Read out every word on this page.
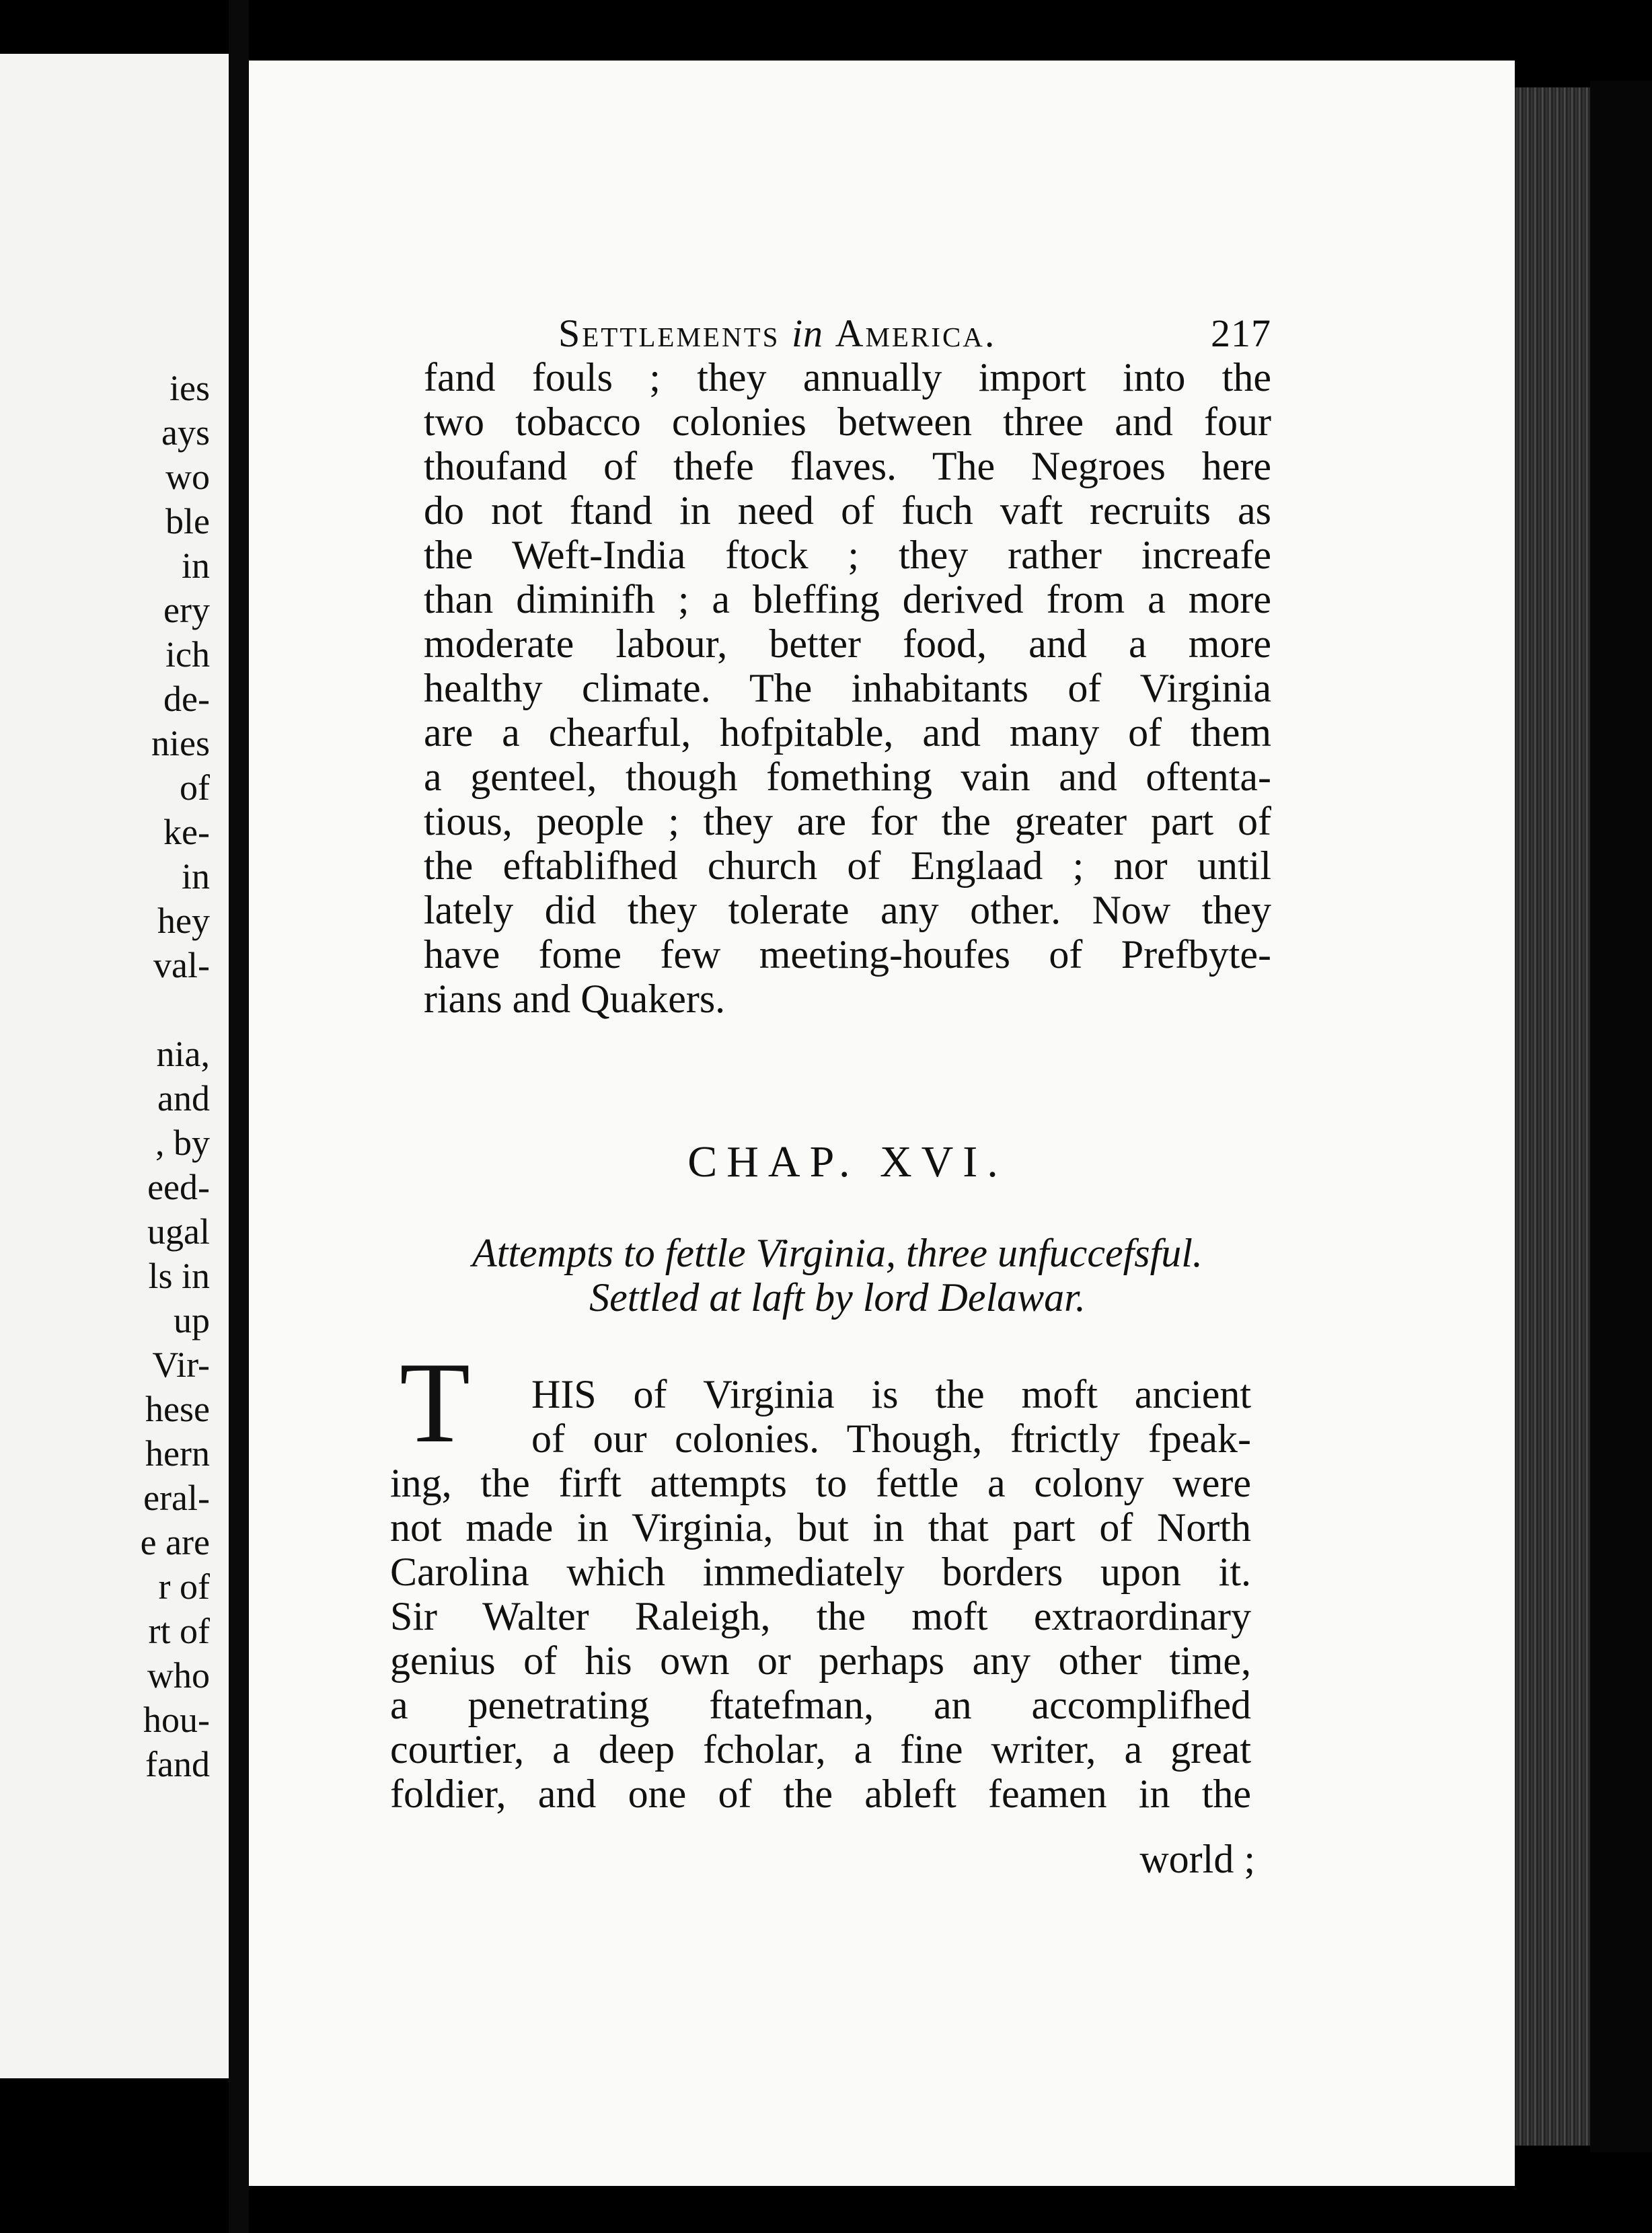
ies
ays
wo
ble
in
ery
ich
de-
nies
of
ke-
in
hey
val-
nia,
and
, by
eed-
ugal
ls in
up
Vir-
hese
hern
eral-
e are
r of
rt of
who
hou-
fand
Settlements in America.	217
fand fouls ; they annually import into the
two tobacco colonies between three and four
thoufand of thefe flaves. The Negroes here
do not ftand in need of fuch vaft recruits as
the Weft-India ftock ; they rather increafe
than diminifh ; a bleffing derived from a more
moderate labour, better food, and a more
healthy climate. The inhabitants of Virginia
are a chearful, hofpitable, and many of them
a genteel, though fomething vain and oftenta-
tious, people ; they are for the greater part of
the eftablifhed church of Englaad ; nor until
lately did they tolerate any other. Now they
have fome few meeting-houfes of Prefbyte-
rians and Quakers.
CHAP. XVI.
Attempts to fettle Virginia, three unfuccefsful.
Settled at laft by lord Delawar.
T HIS of Virginia is the moft ancient
of our colonies. Though, ftrictly fpeak-
ing, the firft attempts to fettle a colony were
not made in Virginia, but in that part of North
Carolina which immediately borders upon it.
Sir Walter Raleigh, the moft extraordinary
genius of his own or perhaps any other time,
a penetrating ftatefman, an accomplifhed
courtier, a deep fcholar, a fine writer, a great
foldier, and one of the ableft feamen in the
world ;
